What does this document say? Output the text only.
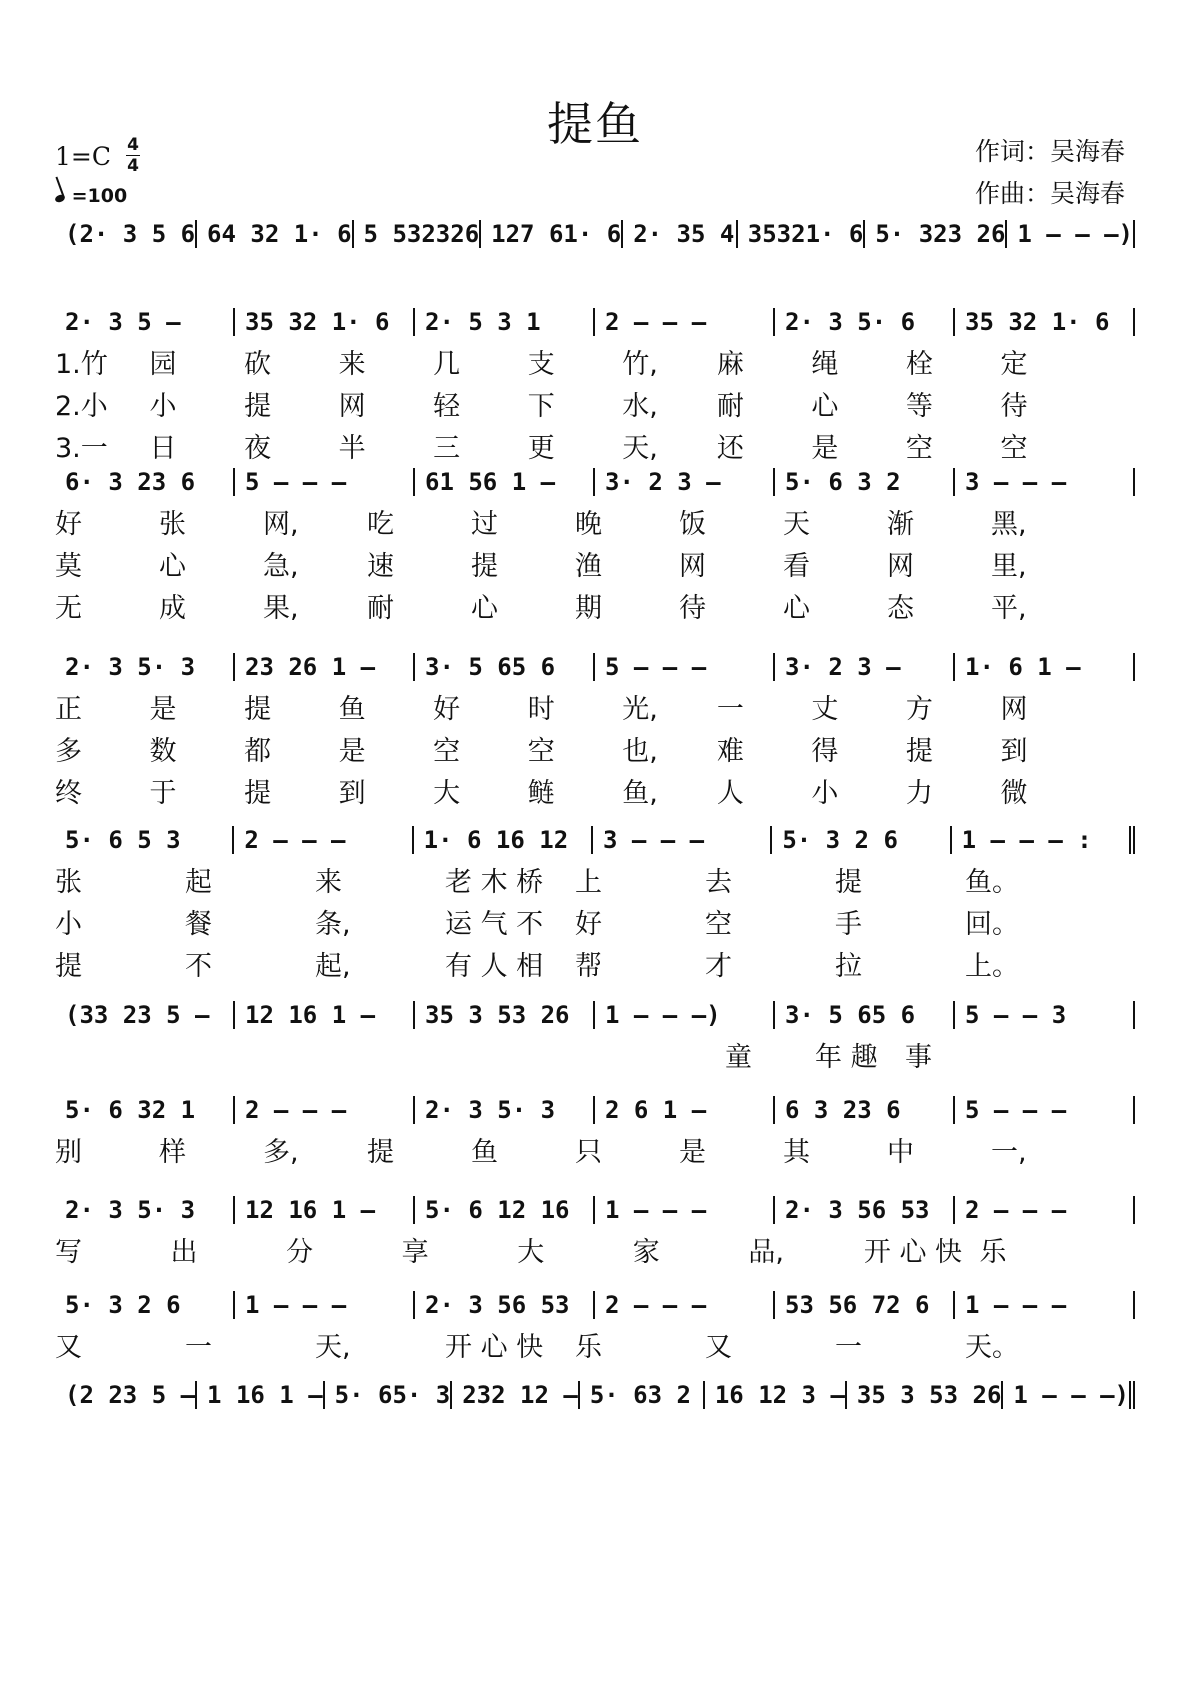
提鱼
1=C 4
4
=100
作词：吴海春
作曲：吴海春
(2· 3 5 6 64 32 1· 6 5 532326 127 61· 6 2· 35 4 35321· 6 5· 323 26 1 – – –)
2· 3 5 –	35 32 1· 6	2· 5 3 1	2 – – –	2· 3 5· 6	35 32 1· 6
1.竹 园	砍	来	几	支	竹, 麻	绳	栓	定
2.小 小	提	网	轻	下	水, 耐	心	等	待
3.一 日	夜	半	三	更	天, 还	是	空	空
6· 3 23 6	5 – – –	61 56 1 –	3· 2 3 –	5· 6 3 2	3 – – –
好	张	网,	吃	过	晚	饭	天	渐	黑,
莫	心	急,	速	提	渔	网	看	网	里,
无	成	果,	耐	心	期	待	心	态	平,
2· 3 5· 3	23 26 1 –	3· 5 65 6	5 – – –	3· 2 3 –	1· 6 1 –
正	是	提	鱼	好	时	光, 一	丈	方	网
多	数	都	是	空	空	也, 难	得	提	到
终	于	提	到	大	鲢	鱼, 人	小	力	微
5· 6 5 3	2 – – –	1· 6 16 12	3 – – –	5· 3 2 6	1 – – – :
张	起	来	老 木 桥 上	去	提	鱼。
小	餐	条,	运 气 不 好	空	手	回。
提	不	起,	有 人 相 帮	才	拉	上。
(33 23 5 –	12 16 1 –	35 3 53 26	1 – – –)	3· 5 65 6	5 – – 3
童 年 趣 事
5· 6 32 1	2 – – –	2· 3 5· 3	2 6 1 –	6 3 23 6	5 – – –
别	样	多,	提	鱼	只	是	其	中	一,
2· 3 5· 3	12 16 1 –	5· 6 12 16	1 – – –	2· 3 56 53	2 – – –
写	出	分	享	大	家	品,	开 心 快 乐
5· 3 2 6	1 – – –	2· 3 56 53	2 – – –	53 56 72 6	1 – – –
又	一	天,	开 心 快 乐	又	一	天。
(2 23 5 – 1 16 1 – 5· 65· 3 232 12 – 5· 63 2 16 12 3 – 35 3 53 26 1 – – –)
